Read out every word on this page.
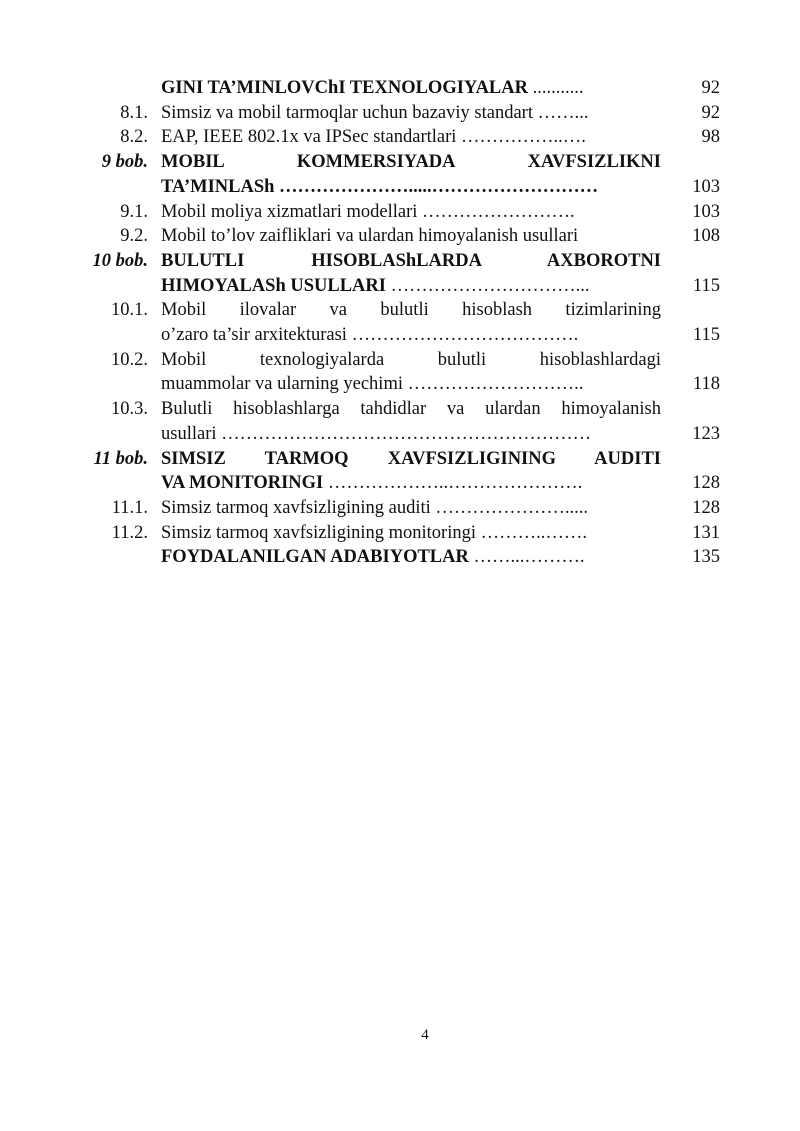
GINI TA’MINLOVChI TEXNOLOGIYALAR ...........	92
8.1. Simsiz va mobil tarmoqlar uchun bazaviy standart ……...	92
8.2. EAP, IEEE 802.1x va IPSec standartlari ……………..….	98
9 bob. MOBIL KOMMERSIYADA XAVFSIZLIKNI
TA’MINLASh ………………….....………………………	103
9.1. Mobil moliya xizmatlari modellari …………………….	103
9.2. Mobil to’lov zaifliklari va ulardan himoyalanish usullari	108
10 bob. BULUTLI HISOBLAShLARDA AXBOROTNI
HIMOYALASh USULLARI …………………………...	115
10.1. Mobil ilovalar va bulutli hisoblash tizimlarining
o’zaro ta’sir arxitekturasi ……………………………….	115
10.2. Mobil texnologiyalarda bulutli hisoblashlardagi
muammolar va ularning yechimi ………………………..	118
10.3. Bulutli hisoblashlarga tahdidlar va ulardan himoyalanish
usullari ……………………………………………………	123
11 bob. SIMSIZ TARMOQ XAVFSIZLIGINING AUDITI
VA MONITORINGI ………………..………………….	128
11.1. Simsiz tarmoq xavfsizligining auditi ………………….....	128
11.2. Simsiz tarmoq xavfsizligining monitoringi ………..…….	131
FOYDALANILGAN ADABIYOTLAR ……...……….	135
4
